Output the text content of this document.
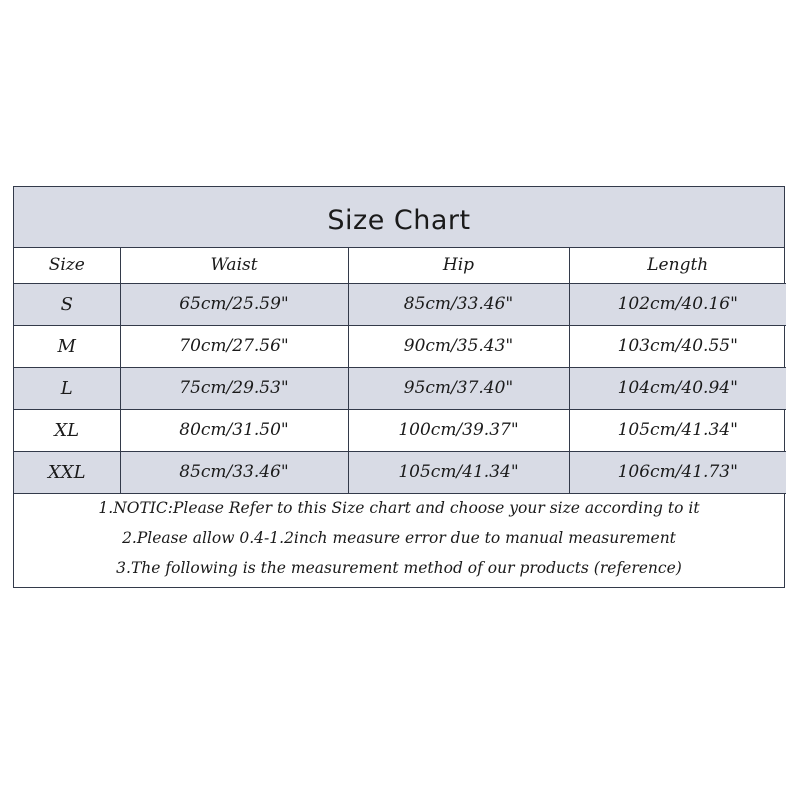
Size Chart
Size	Waist	Hip	Length
S	65cm/25.59"	85cm/33.46"	102cm/40.16"
M	70cm/27.56"	90cm/35.43"	103cm/40.55"
L	75cm/29.53"	95cm/37.40"	104cm/40.94"
XL	80cm/31.50"	100cm/39.37"	105cm/41.34"
XXL	85cm/33.46"	105cm/41.34"	106cm/41.73"
1.NOTIC:Please Refer to this Size chart and choose your size according to it
2.Please allow 0.4-1.2inch measure error due to manual measurement
3.The following is the measurement method of our products (reference)
